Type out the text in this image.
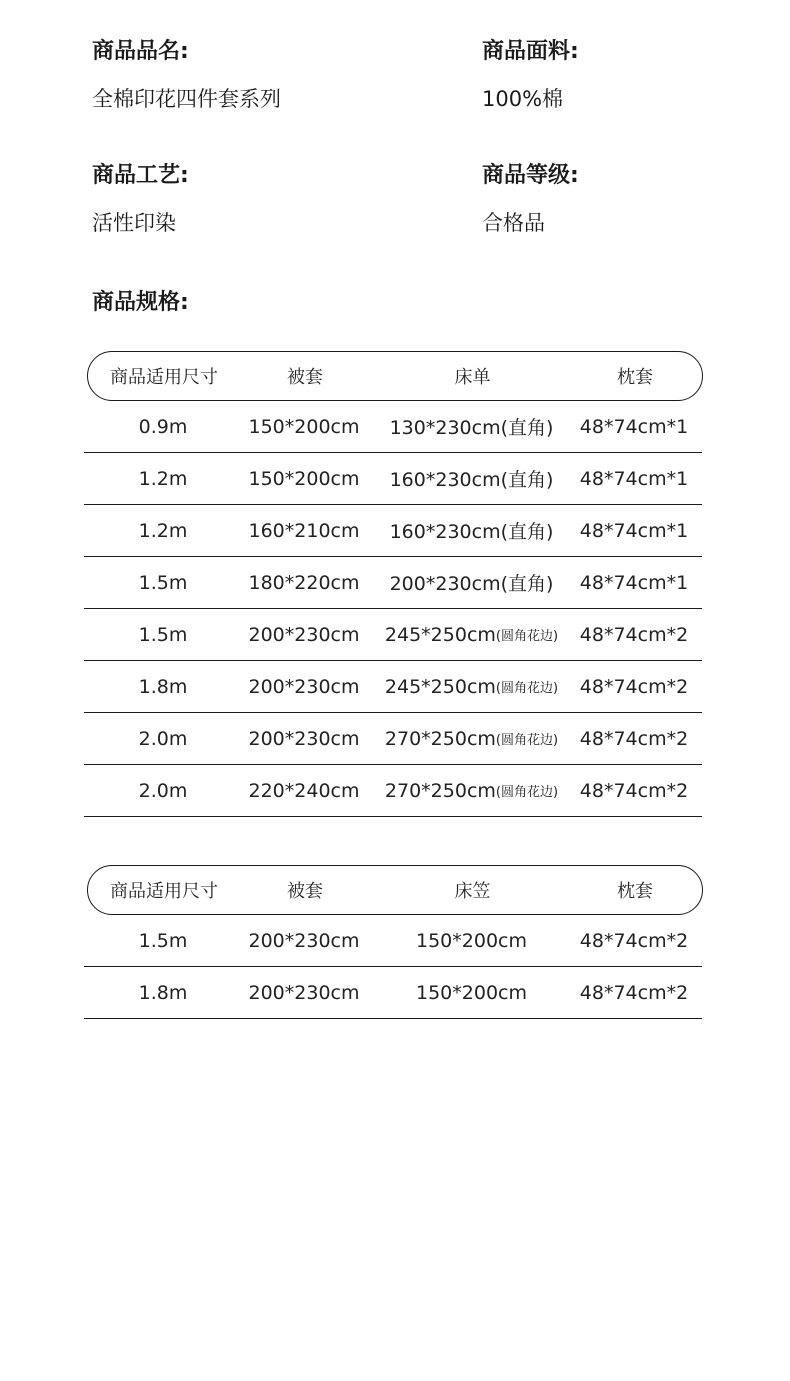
商品品名:
全棉印花四件套系列
商品面料:
100%棉
商品工艺:
活性印染
商品等级:
合格品
商品规格:
商品适用尺寸	被套	床单	枕套
0.9m	150*200cm	130*230cm(直角)	48*74cm*1
1.2m	150*200cm	160*230cm(直角)	48*74cm*1
1.2m	160*210cm	160*230cm(直角)	48*74cm*1
1.5m	180*220cm	200*230cm(直角)	48*74cm*1
1.5m	200*230cm	245*250cm (圆角花边)	48*74cm*2
1.8m	200*230cm	245*250cm (圆角花边)	48*74cm*2
2.0m	200*230cm	270*250cm (圆角花边)	48*74cm*2
2.0m	220*240cm	270*250cm (圆角花边)	48*74cm*2
商品适用尺寸	被套	床笠	枕套
1.5m	200*230cm	150*200cm	48*74cm*2
1.8m	200*230cm	150*200cm	48*74cm*2
